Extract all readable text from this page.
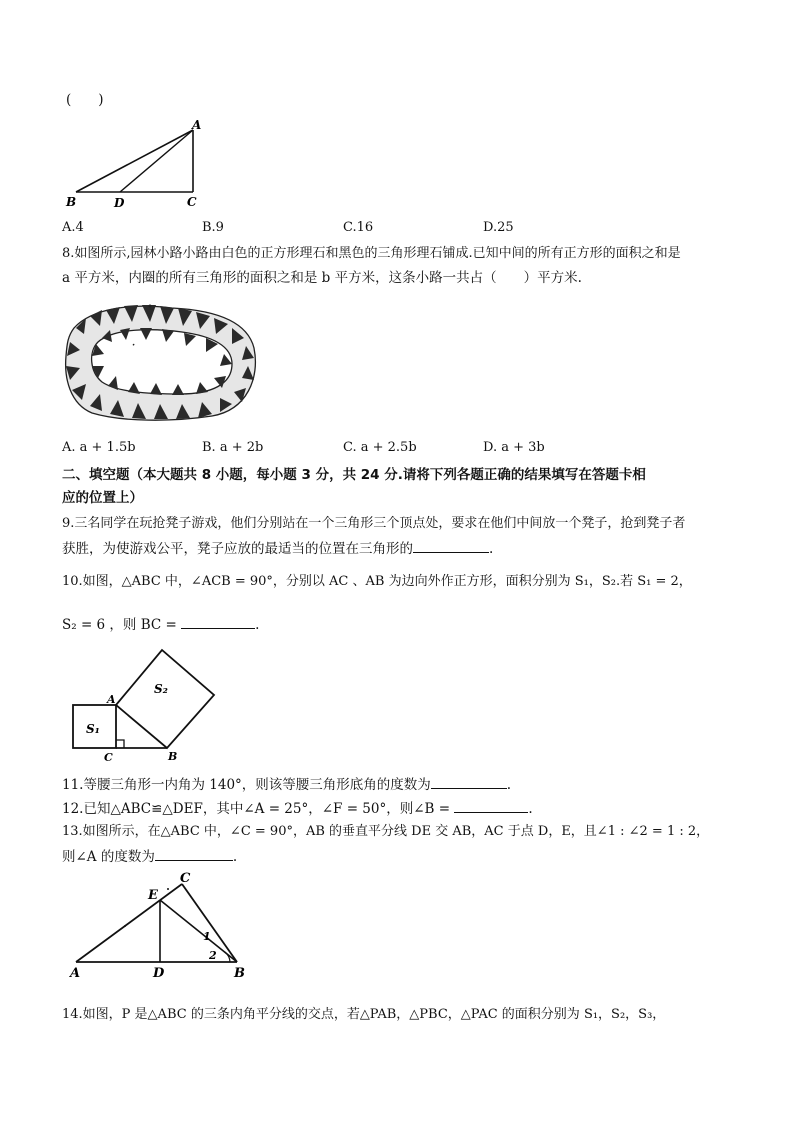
(　　)
A
B	D	C
A.4	B.9	C.16	D.25
8.如图所示,园林小路小路由白色的正方形理石和黑色的三角形理石铺成.已知中间的所有正方形的面积之和是
a 平方米，内圈的所有三角形的面积之和是 b 平方米，这条小路一共占（　　）平方米.
·
A. a + 1.5b	B. a + 2b	C. a + 2.5b	D. a + 3b
二、填空题（本大题共 8 小题，每小题 3 分，共 24 分.请将下列各题正确的结果填写在答题卡相
应的位置上）
9.三名同学在玩抢凳子游戏，他们分别站在一个三角形三个顶点处，要求在他们中间放一个凳子，抢到凳子者
获胜，为使游戏公平，凳子应放的最适当的位置在三角形的	.
10.如图，△ABC 中，∠ACB = 90°，分别以 AC 、AB 为边向外作正方形，面积分别为 S₁，S₂.若 S₁ = 2，
S₂ = 6 ，则 BC =	.
A
C	B
S₁
S₂
11.等腰三角形一内角为 140°，则该等腰三角形底角的度数为	.
12.已知△ABC≌△DEF，其中∠A = 25°，∠F = 50°，则∠B =	.
13.如图所示，在△ABC 中，∠C = 90°，AB 的垂直平分线 DE 交 AB，AC 于点 D，E，且∠1 : ∠2 = 1 : 2，
则∠A 的度数为	.
A	D	B
E
C
1
2
14.如图，P 是△ABC 的三条内角平分线的交点，若△PAB，△PBC，△PAC 的面积分别为 S₁，S₂，S₃，
